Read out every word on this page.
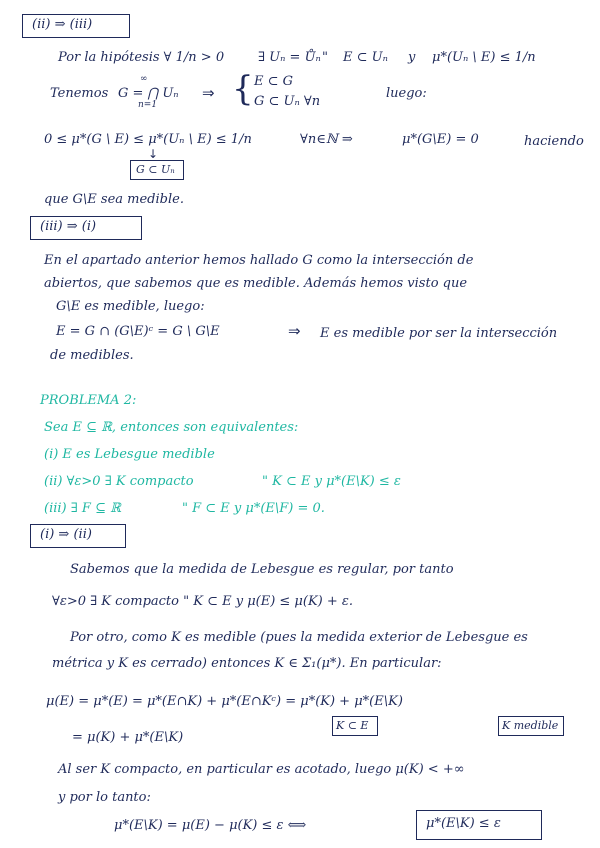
(ii) ⇒ (iii)
Por la hipótesis ∀ 1/n > 0	∃ Uₙ = Ůₙ " E ⊂ Uₙ y μ*(Uₙ \ E) ≤ 1/n
Tenemos
∞
G = ⋂ Uₙ
n=1
⇒ { E ⊂ G
G ⊂ Uₙ ∀n
luego:
0 ≤ μ*(G \ E) ≤ μ*(Uₙ \ E) ≤ 1/n	∀n∈ℕ ⇒	μ*(G\E) = 0	haciendo
↓
G ⊂ Uₙ
que G\E sea medible.
(iii) ⇒ (i)
En el apartado anterior hemos hallado G como la intersección de
abiertos, que sabemos que es medible. Además hemos visto que
G\E es medible, luego:
E = G ∩ (G\E)ᶜ = G \ G\E	⇒ E es medible por ser la intersección
de medibles.
PROBLEMA 2:
Sea E ⊆ ℝ, entonces son equivalentes:
(i) E es Lebesgue medible
(ii) ∀ε>0 ∃ K compacto	" K ⊂ E y μ*(E\K) ≤ ε
(iii) ∃ F ⊆ ℝ	" F ⊂ E y μ*(E\F) = 0.
(i) ⇒ (ii)
Sabemos que la medida de Lebesgue es regular, por tanto
∀ε>0 ∃ K compacto " K ⊂ E y μ(E) ≤ μ(K) + ε.
Por otro, como K es medible (pues la medida exterior de Lebesgue es
métrica y K es cerrado) entonces K ∈ Σ₁(μ*). En particular:
μ(E) = μ*(E) = μ*(E∩K) + μ*(E∩Kᶜ) = μ*(K) + μ*(E\K)
K ⊂ E	K medible
= μ(K) + μ*(E\K)
Al ser K compacto, en particular es acotado, luego μ(K) < +∞
y por lo tanto:
μ*(E\K) = μ(E) − μ(K) ≤ ε ⟺	μ*(E\K) ≤ ε
